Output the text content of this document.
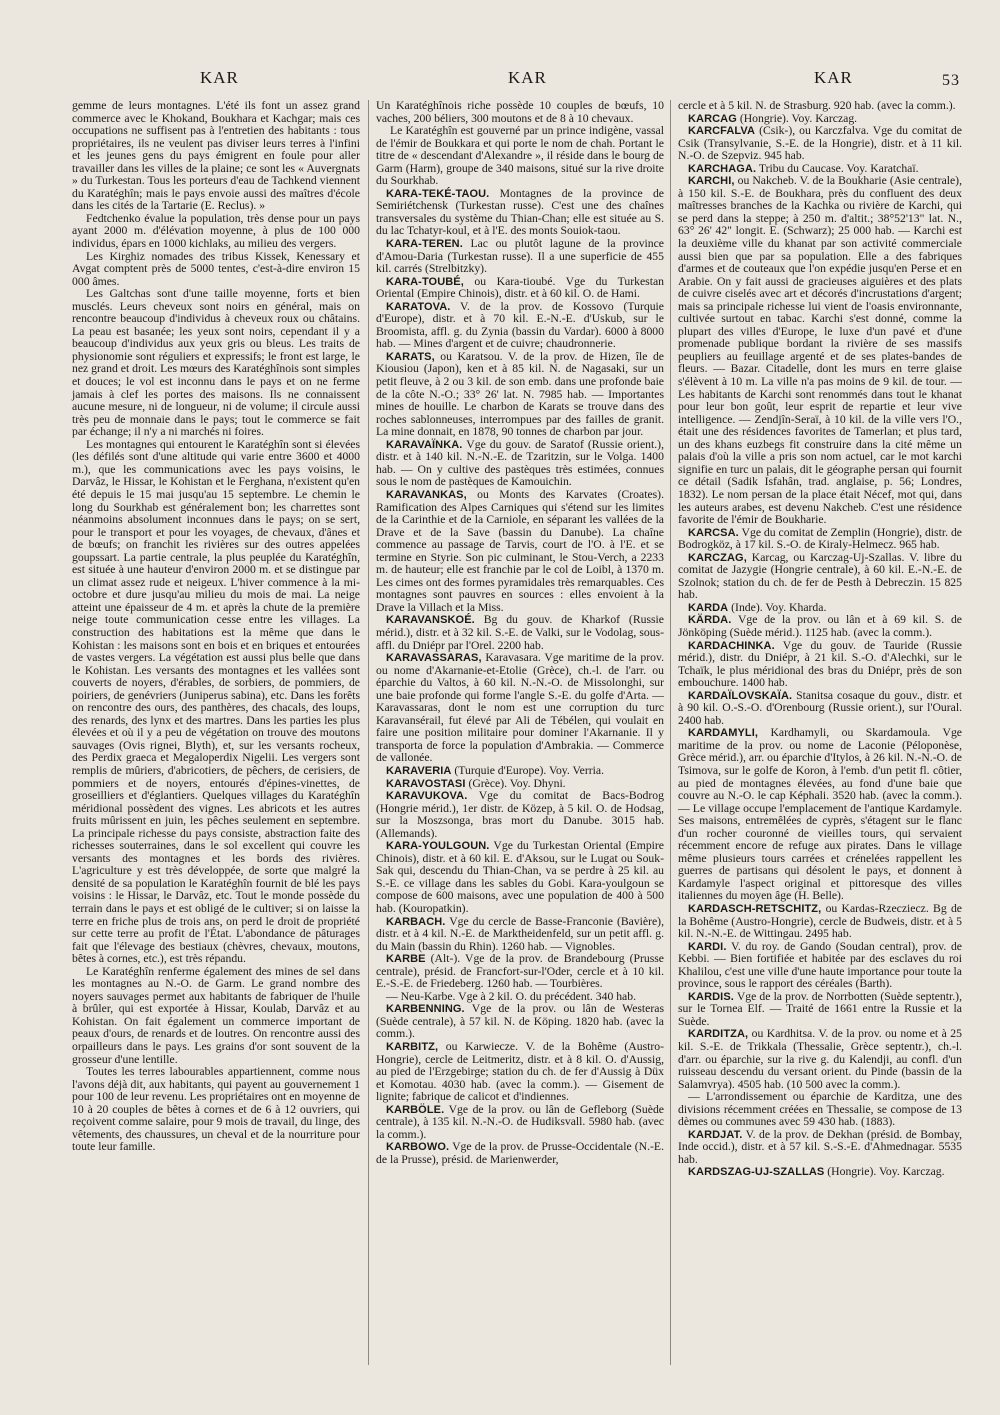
KAR	KAR	KAR	53

gemme de leurs montagnes. L'été ils font un assez grand commerce avec le Khokand, Boukhara et Kachgar; mais ces occupations ne suffisent pas à l'entretien des habitants : tous propriétaires, ils ne veulent pas diviser leurs terres à l'infini et les jeunes gens du pays émigrent en foule pour aller travailler dans les villes de la plaine; ce sont les « Auvergnats » du Turkestan. Tous les porteurs d'eau de Tachkend viennent du Karatéghîn; mais le pays envoie aussi des maîtres d'école dans les cités de la Tartarie (E. Reclus). »

Fedtchenko évalue la population, très dense pour un pays ayant 2000 m. d'élévation moyenne, à plus de 100 000 individus, épars en 1000 kichlaks, au milieu des vergers.

Les Kirghiz nomades des tribus Kissek, Kenessary et Avgat comptent près de 5000 tentes, c'est-à-dire environ 15 000 âmes.

Les Galtchas sont d'une taille moyenne, forts et bien musclés. Leurs cheveux sont noirs en général, mais on rencontre beaucoup d'individus à cheveux roux ou châtains. La peau est basanée; les yeux sont noirs, cependant il y a beaucoup d'individus aux yeux gris ou bleus. Les traits de physionomie sont réguliers et expressifs; le front est large, le nez grand et droit. Les mœurs des Karatéghînois sont simples et douces; le vol est inconnu dans le pays et on ne ferme jamais à clef les portes des maisons. Ils ne connaissent aucune mesure, ni de longueur, ni de volume; il circule aussi très peu de monnaie dans le pays; tout le commerce se fait par échange; il n'y a ni marchés ni foires.

Les montagnes qui entourent le Karatéghîn sont si élevées (les défilés sont d'une altitude qui varie entre 3600 et 4000 m.), que les communications avec les pays voisins, le Darvâz, le Hissar, le Kohistan et le Ferghana, n'existent qu'en été depuis le 15 mai jusqu'au 15 septembre. Le chemin le long du Sourkhab est généralement bon; les charrettes sont néanmoins absolument inconnues dans le pays; on se sert, pour le transport et pour les voyages, de chevaux, d'ânes et de bœufs; on franchit les rivières sur des outres appelées goupssart. La partie centrale, la plus peuplée du Karatéghîn, est située à une hauteur d'environ 2000 m. et se distingue par un climat assez rude et neigeux. L'hiver commence à la mi-octobre et dure jusqu'au milieu du mois de mai. La neige atteint une épaisseur de 4 m. et après la chute de la première neige toute communication cesse entre les villages. La construction des habitations est la même que dans le Kohistan : les maisons sont en bois et en briques et entourées de vastes vergers. La végétation est aussi plus belle que dans le Kohistan. Les versants des montagnes et les vallées sont couverts de noyers, d'érables, de sorbiers, de pommiers, de poiriers, de genévriers (Juniperus sabina), etc. Dans les forêts on rencontre des ours, des panthères, des chacals, des loups, des renards, des lynx et des martres. Dans les parties les plus élevées et où il y a peu de végétation on trouve des moutons sauvages (Ovis rignei, Blyth), et, sur les versants rocheux, des Perdix graeca et Megaloperdix Nigelii. Les vergers sont remplis de mûriers, d'abricotiers, de pêchers, de cerisiers, de pommiers et de noyers, entourés d'épines-vinettes, de groseilliers et d'églantiers. Quelques villages du Karatéghîn méridional possèdent des vignes. Les abricots et les autres fruits mûrissent en juin, les pêches seulement en septembre. La principale richesse du pays consiste, abstraction faite des richesses souterraines, dans le sol excellent qui couvre les versants des montagnes et les bords des rivières. L'agriculture y est très développée, de sorte que malgré la densité de sa population le Karatéghîn fournit de blé les pays voisins : le Hissar, le Darvâz, etc. Tout le monde possède du terrain dans le pays et est obligé de le cultiver; si on laisse la terre en friche plus de trois ans, on perd le droit de propriété sur cette terre au profit de l'État. L'abondance de pâturages fait que l'élevage des bestiaux (chèvres, chevaux, moutons, bêtes à cornes, etc.), est très répandu.

Le Karatéghîn renferme également des mines de sel dans les montagnes au N.-O. de Garm. Le grand nombre des noyers sauvages permet aux habitants de fabriquer de l'huile à brûler, qui est exportée à Hissar, Koulab, Darvâz et au Kohistan. On fait également un commerce important de peaux d'ours, de renards et de loutres. On rencontre aussi des orpailleurs dans le pays. Les grains d'or sont souvent de la grosseur d'une lentille.

Toutes les terres labourables appartiennent, comme nous l'avons déjà dit, aux habitants, qui payent au gouvernement 1 pour 100 de leur revenu. Les propriétaires ont en moyenne de 10 à 20 couples de bêtes à cornes et de 6 à 12 ouvriers, qui reçoivent comme salaire, pour 9 mois de travail, du linge, des vêtements, des chaussures, un cheval et de la nourriture pour toute leur famille.

Un Karatéghînois riche possède 10 couples de bœufs, 10 vaches, 200 béliers, 300 moutons et de 8 à 10 chevaux.

Le Karatéghîn est gouverné par un prince indigène, vassal de l'émir de Boukkara et qui porte le nom de chah. Portant le titre de « descendant d'Alexandre », il réside dans le bourg de Garm (Harm), groupe de 340 maisons, situé sur la rive droite du Sourkhab.

KARA-TEKÉ-TAOU. Montagnes de la province de Semiriétchensk (Turkestan russe). C'est une des chaînes transversales du système du Thian-Chan; elle est située au S. du lac Tchatyr-koul, et à l'E. des monts Souiok-taou.

KARA-TEREN. Lac ou plutôt lagune de la province d'Amou-Daria (Turkestan russe). Il a une superficie de 455 kil. carrés (Strelbitzky).

KARA-TOUBÉ, ou Kara-tioubé. Vge du Turkestan Oriental (Empire Chinois), distr. et à 60 kil. O. de Hami.

KARATOVA. V. de la prov. de Kossovo (Turquie d'Europe), distr. et à 70 kil. E.-N.-E. d'Uskub, sur le Broomista, affl. g. du Zynia (bassin du Vardar). 6000 à 8000 hab. — Mines d'argent et de cuivre; chaudronnerie.

KARATS, ou Karatsou. V. de la prov. de Hizen, île de Kiousiou (Japon), ken et à 85 kil. N. de Nagasaki, sur un petit fleuve, à 2 ou 3 kil. de son emb. dans une profonde baie de la côte N.-O.; 33° 26' lat. N. 7985 hab. — Importantes mines de houille. Le charbon de Karats se trouve dans des roches sablonneuses, interrompues par des failles de granit. La mine donnait, en 1878, 90 tonnes de charbon par jour.

KARAVAÏNKA. Vge du gouv. de Saratof (Russie orient.), distr. et à 140 kil. N.-N.-E. de Tzaritzin, sur le Volga. 1400 hab. — On y cultive des pastèques très estimées, connues sous le nom de pastèques de Kamouichin.

KARAVANKAS, ou Monts des Karvates (Croates). Ramification des Alpes Carniques qui s'étend sur les limites de la Carinthie et de la Carniole, en séparant les vallées de la Drave et de la Save (bassin du Danube). La chaîne commence au passage de Tarvis, court de l'O. à l'E. et se termine en Styrie. Son pic culminant, le Stou-Verch, a 2233 m. de hauteur; elle est franchie par le col de Loibl, à 1370 m. Les cimes ont des formes pyramidales très remarquables. Ces montagnes sont pauvres en sources : elles envoient à la Drave la Villach et la Miss.

KARAVANSKOÉ. Bg du gouv. de Kharkof (Russie mérid.), distr. et à 32 kil. S.-E. de Valki, sur le Vodolag, sous-affl. du Dniépr par l'Orel. 2200 hab.

KARAVASSARAS, Karavasara. Vge maritime de la prov. ou nome d'Akarnanie-et-Etolie (Grèce), ch.-l. de l'arr. ou éparchie du Valtos, à 60 kil. N.-N.-O. de Missolonghi, sur une baie profonde qui forme l'angle S.-E. du golfe d'Arta. — Karavassaras, dont le nom est une corruption du turc Karavansérail, fut élevé par Ali de Tébélen, qui voulait en faire une position militaire pour dominer l'Akarnanie. Il y transporta de force la population d'Ambrakia. — Commerce de vallonée.

KARAVERIA (Turquie d'Europe). Voy. Verria.

KARAVOSTASI (Grèce). Voy. Dhyni.

KARAVUKOVA. Vge du comitat de Bacs-Bodrog (Hongrie mérid.), 1er distr. de Közep, à 5 kil. O. de Hodsag, sur la Moszsonga, bras mort du Danube. 3015 hab. (Allemands).

KARA-YOULGOUN. Vge du Turkestan Oriental (Empire Chinois), distr. et à 60 kil. E. d'Aksou, sur le Lugat ou Souk-Sak qui, descendu du Thian-Chan, va se perdre à 25 kil. au S.-E. ce village dans les sables du Gobi. Kara-youlgoun se compose de 600 maisons, avec une population de 400 à 500 hab. (Kouropatkin).

KARBACH. Vge du cercle de Basse-Franconie (Bavière), distr. et à 4 kil. N.-E. de Marktheidenfeld, sur un petit affl. g. du Main (bassin du Rhin). 1260 hab. — Vignobles.

KARBE (Alt-). Vge de la prov. de Brandebourg (Prusse centrale), présid. de Francfort-sur-l'Oder, cercle et à 10 kil. E.-S.-E. de Friedeberg. 1260 hab. — Tourbières.

— Neu-Karbe. Vge à 2 kil. O. du précédent. 340 hab.

KARBENNING. Vge de la prov. ou lân de Westeras (Suède centrale), à 57 kil. N. de Köping. 1820 hab. (avec la comm.).

KARBITZ, ou Karwiecze. V. de la Bohême (Austro-Hongrie), cercle de Leitmeritz, distr. et à 8 kil. O. d'Aussig, au pied de l'Erzgebirge; station du ch. de fer d'Aussig à Düx et Komotau. 4030 hab. (avec la comm.). — Gisement de lignite; fabrique de calicot et d'indiennes.

KARBÖLE. Vge de la prov. ou lân de Gefleborg (Suède centrale), à 135 kil. N.-N.-O. de Hudiksvall. 5980 hab. (avec la comm.).

KARBOWO. Vge de la prov. de Prusse-Occidentale (N.-E. de la Prusse), présid. de Marienwerder,

cercle et à 5 kil. N. de Strasburg. 920 hab. (avec la comm.).

KARCAG (Hongrie). Voy. Karczag.

KARCFALVA (Csik-), ou Karczfalva. Vge du comitat de Csik (Transylvanie, S.-E. de la Hongrie), distr. et à 11 kil. N.-O. de Szepviz. 945 hab.

KARCHAGA. Tribu du Caucase. Voy. Karatchaï.

KARCHI, ou Nakcheb. V. de la Boukharie (Asie centrale), à 150 kil. S.-E. de Boukhara, près du confluent des deux maîtresses branches de la Kachka ou rivière de Karchi, qui se perd dans la steppe; à 250 m. d'altit.; 38°52'13" lat. N., 63° 26' 42" longit. E. (Schwarz); 25 000 hab. — Karchi est la deuxième ville du khanat par son activité commerciale aussi bien que par sa population. Elle a des fabriques d'armes et de couteaux que l'on expédie jusqu'en Perse et en Arabie. On y fait aussi de gracieuses aiguières et des plats de cuivre ciselés avec art et décorés d'incrustations d'argent; mais sa principale richesse lui vient de l'oasis environnante, cultivée surtout en tabac. Karchi s'est donné, comme la plupart des villes d'Europe, le luxe d'un pavé et d'une promenade publique bordant la rivière de ses massifs peupliers au feuillage argenté et de ses plates-bandes de fleurs. — Bazar. Citadelle, dont les murs en terre glaise s'élèvent à 10 m. La ville n'a pas moins de 9 kil. de tour. — Les habitants de Karchi sont renommés dans tout le khanat pour leur bon goût, leur esprit de repartie et leur vive intelligence. — Zendjîn-Seraï, à 10 kil. de la ville vers l'O., était une des résidences favorites de Tamerlan; et plus tard, un des khans euzbegs fit construire dans la cité même un palais d'où la ville a pris son nom actuel, car le mot karchi signifie en turc un palais, dit le géographe persan qui fournit ce détail (Sadik Isfahân, trad. anglaise, p. 56; Londres, 1832). Le nom persan de la place était Nécef, mot qui, dans les auteurs arabes, est devenu Nakcheb. C'est une résidence favorite de l'émir de Boukharie.

KARCSA. Vge du comitat de Zemplin (Hongrie), distr. de Bodrogköz, à 17 kil. S.-O. de Kiraly-Helmecz. 965 hab.

KARCZAG, Karcag, ou Karczag-Uj-Szallas. V. libre du comitat de Jazygie (Hongrie centrale), à 60 kil. E.-N.-E. de Szolnok; station du ch. de fer de Pesth à Debreczin. 15 825 hab.

KARDA (Inde). Voy. Kharda.

KÄRDA. Vge de la prov. ou lân et à 69 kil. S. de Jönköping (Suède mérid.). 1125 hab. (avec la comm.).

KARDACHINKA. Vge du gouv. de Tauride (Russie mérid.), distr. du Dniépr, à 21 kil. S.-O. d'Alechki, sur le Tchaïk, le plus méridional des bras du Dniépr, près de son embouchure. 1400 hab.

KARDAÏLOVSKAÏA. Stanitsa cosaque du gouv., distr. et à 90 kil. O.-S.-O. d'Orenbourg (Russie orient.), sur l'Oural. 2400 hab.

KARDAMYLI, Kardhamyli, ou Skardamoula. Vge maritime de la prov. ou nome de Laconie (Péloponèse, Grèce mérid.), arr. ou éparchie d'Itylos, à 26 kil. N.-N.-O. de Tsimova, sur le golfe de Koron, à l'emb. d'un petit fl. côtier, au pied de montagnes élevées, au fond d'une baie que couvre au N.-O. le cap Képhali. 3520 hab. (avec la comm.). — Le village occupe l'emplacement de l'antique Kardamyle. Ses maisons, entremêlées de cyprès, s'étagent sur le flanc d'un rocher couronné de vieilles tours, qui servaient récemment encore de refuge aux pirates. Dans le village même plusieurs tours carrées et crénelées rappellent les guerres de partisans qui désolent le pays, et donnent à Kardamyle l'aspect original et pittoresque des villes italiennes du moyen âge (H. Belle).

KARDASCH-RETSCHITZ, ou Kardas-Rzecziecz. Bg de la Bohême (Austro-Hongrie), cercle de Budweis, distr. et à 5 kil. N.-N.-E. de Wittingau. 2495 hab.

KARDI. V. du roy. de Gando (Soudan central), prov. de Kebbi. — Bien fortifiée et habitée par des esclaves du roi Khalilou, c'est une ville d'une haute importance pour toute la province, sous le rapport des céréales (Barth).

KARDIS. Vge de la prov. de Norrbotten (Suède septentr.), sur le Tornea Elf. — Traité de 1661 entre la Russie et la Suède.

KARDITZA, ou Kardhitsa. V. de la prov. ou nome et à 25 kil. S.-E. de Trikkala (Thessalie, Grèce septentr.), ch.-l. d'arr. ou éparchie, sur la rive g. du Kalendji, au confl. d'un ruisseau descendu du versant orient. du Pinde (bassin de la Salamvrya). 4505 hab. (10 500 avec la comm.).

— L'arrondissement ou éparchie de Karditza, une des divisions récemment créées en Thessalie, se compose de 13 dèmes ou communes avec 59 430 hab. (1883).

KARDJAT. V. de la prov. de Dekhan (présid. de Bombay, Inde occid.), distr. et à 57 kil. S.-S.-E. d'Ahmednagar. 5535 hab.

KARDSZAG-UJ-SZALLAS (Hongrie). Voy. Karczag.
